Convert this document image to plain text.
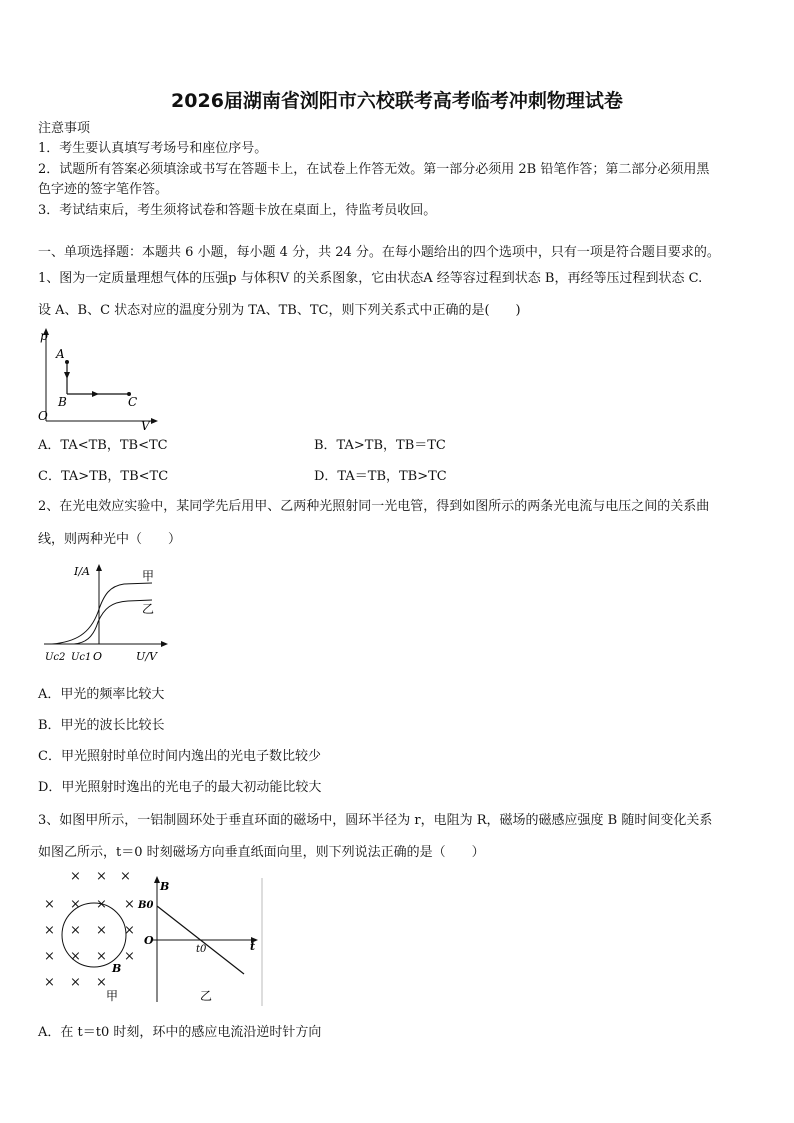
2026届湖南省浏阳市六校联考高考临考冲刺物理试卷
注意事项
1．考生要认真填写考场号和座位序号。
2．试题所有答案必须填涂或书写在答题卡上，在试卷上作答无效。第一部分必须用 2B 铅笔作答；第二部分必须用黑
色字迹的签字笔作答。
3．考试结束后，考生须将试卷和答题卡放在桌面上，待监考员收回。
一、单项选择题：本题共 6 小题，每小题 4 分，共 24 分。在每小题给出的四个选项中，只有一项是符合题目要求的。
1、图为一定质量理想气体的压强p 与体积V 的关系图象，它由状态A 经等容过程到状态 B，再经等压过程到状态 C.
设 A、B、C 状态对应的温度分别为 TA、TB、TC，则下列关系式中正确的是(　　)
p
A
B	C
O
V
A．TA<TB，TB<TC	B．TA>TB，TB＝TC
C．TA>TB，TB<TC	D．TA＝TB，TB>TC
2、在光电效应实验中，某同学先后用甲、乙两种光照射同一光电管，得到如图所示的两条光电流与电压之间的关系曲
线，则两种光中（　　）
I/A	甲
乙
Uc2 Uc1 O	U/V
A．甲光的频率比较大
B．甲光的波长比较长
C．甲光照射时单位时间内逸出的光电子数比较少
D．甲光照射时逸出的光电子的最大初动能比较大
3、如图甲所示，一铝制圆环处于垂直环面的磁场中，圆环半径为 r，电阻为 R，磁场的磁感应强度 B 随时间变化关系
如图乙所示，t＝0 时刻磁场方向垂直纸面向里，则下列说法正确的是（　　）
×
× × ×
×
×
×
×
×
×
× ×
× ×
× ×
× ×
B
甲
B
B0
O
t0	t
乙
A．在 t＝t0 时刻，环中的感应电流沿逆时针方向
